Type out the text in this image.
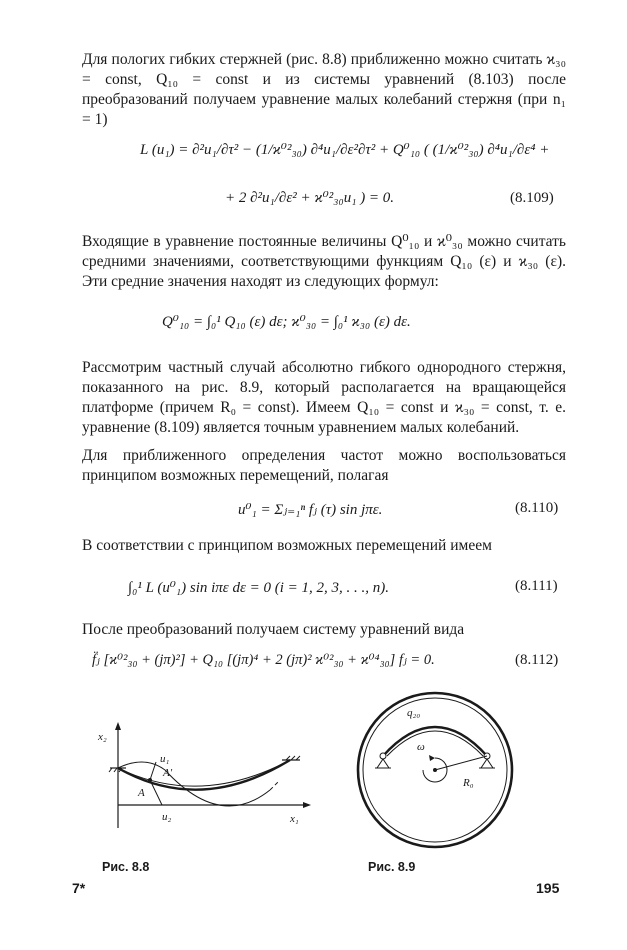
Для пологих гибких стержней (рис. 8.8) приближенно можно считать ϰ₃₀ = const, Q₁₀ = const и из системы уравнений (8.103) после преобразований получаем уравнение малых колебаний стержня (при n₁ = 1)
L (u₁) = ∂²u₁/∂τ² − (1/ϰ⁰²₃₀) ∂⁴u₁/∂ε²∂τ² + Q⁰₁₀ ( (1/ϰ⁰²₃₀) ∂⁴u₁/∂ε⁴ +
+ 2 ∂²u₁/∂ε² + ϰ⁰²₃₀u₁ ) = 0.	(8.109)
Входящие в уравнение постоянные величины Q⁰₁₀ и ϰ⁰₃₀ можно считать средними значениями, соответствующими функциям Q₁₀ (ε) и ϰ₃₀ (ε). Эти средние значения находят из следующих формул:
Q⁰₁₀ = ∫₀¹ Q₁₀ (ε) dε; ϰ⁰₃₀ = ∫₀¹ ϰ₃₀ (ε) dε.
Рассмотрим частный случай абсолютно гибкого однородного стержня, показанного на рис. 8.9, который располагается на вращающейся платформе (причем R₀ = const). Имеем Q₁₀ = const и ϰ₃₀ = const, т. е. уравнение (8.109) является точным уравнением малых колебаний.
Для приближенного определения частот можно воспользоваться принципом возможных перемещений, полагая
u⁰₁ = Σⱼ₌₁ⁿ fⱼ (τ) sin jπε.	(8.110)
В соответствии с принципом возможных перемещений имеем
∫₀¹ L (u⁰₁) sin iπε dε = 0 (i = 1, 2, 3, . . ., n).	(8.111)
После преобразований получаем систему уравнений вида
f̈ⱼ [ϰ⁰²₃₀ + (jπ)²] + Q₁₀ [(jπ)⁴ + 2 (jπ)² ϰ⁰²₃₀ + ϰ⁰⁴₃₀] fⱼ = 0.	(8.112)
x₂
x₁
u₁
A′
A
u₂
Рис. 8.8
q₂₀
ω
R₀
Рис. 8.9
7*	195
